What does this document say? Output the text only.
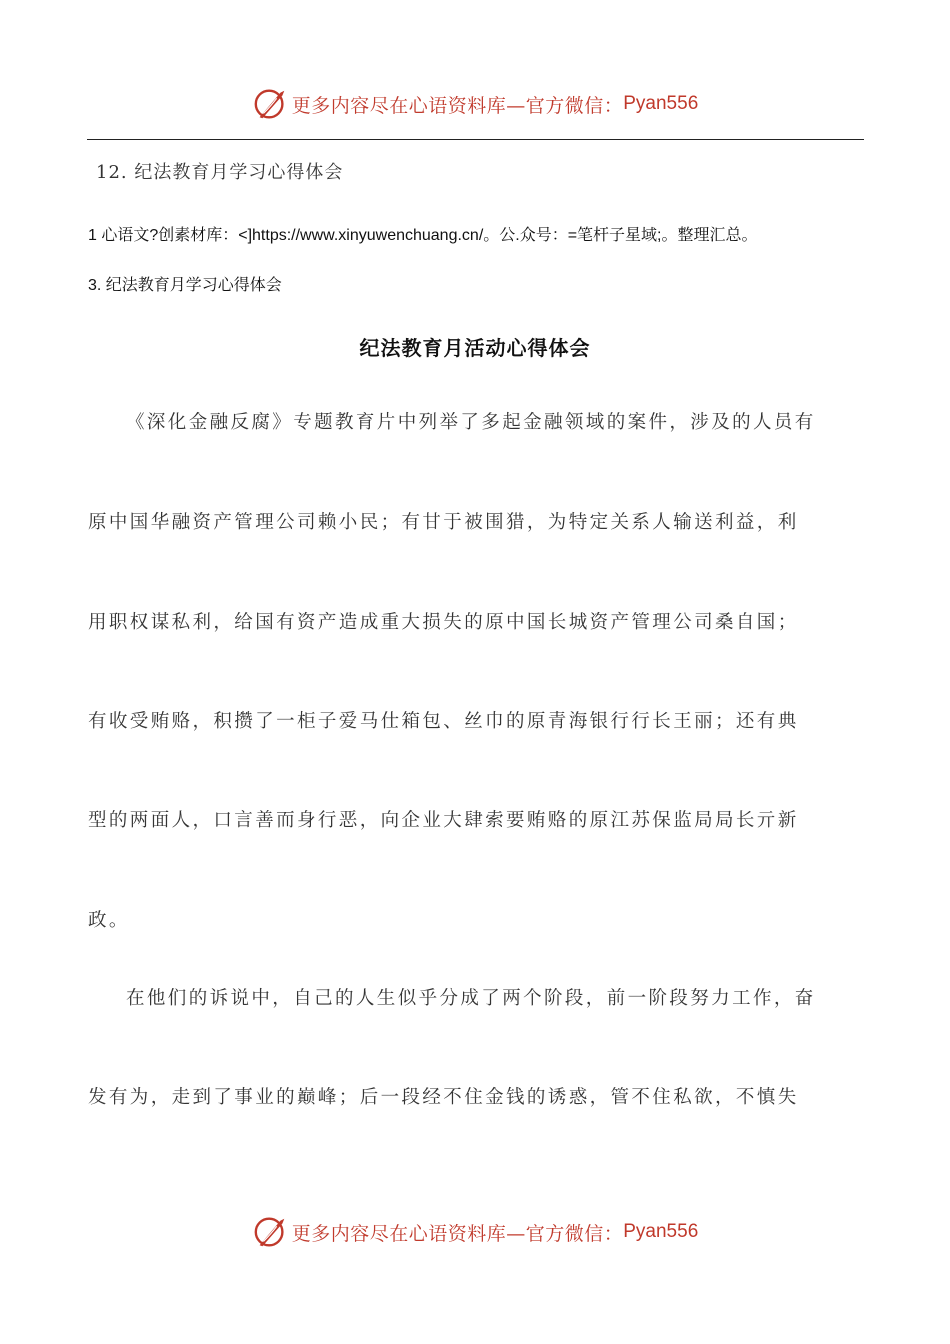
更多内容尽在心语资料库—官方微信： Pyan556
12. 纪法教育月学习心得体会
1 心语文?创素材库：<]https://www.xinyuwenchuang.cn/。公.众号：=笔杆子星域;。整理汇总。
3. 纪法教育月学习心得体会
纪法教育月活动心得体会
《深化金融反腐》专题教育片中列举了多起金融领域的案件，涉及的人员有
原中国华融资产管理公司赖小民；有甘于被围猎，为特定关系人输送利益，利
用职权谋私利，给国有资产造成重大损失的原中国长城资产管理公司桑自国；
有收受贿赂，积攒了一柜子爱马仕箱包、丝巾的原青海银行行长王丽；还有典
型的两面人，口言善而身行恶，向企业大肆索要贿赂的原江苏保监局局长亓新
政。
在他们的诉说中，自己的人生似乎分成了两个阶段，前一阶段努力工作，奋
发有为，走到了事业的巅峰；后一段经不住金钱的诱惑，管不住私欲，不慎失
更多内容尽在心语资料库—官方微信： Pyan556
